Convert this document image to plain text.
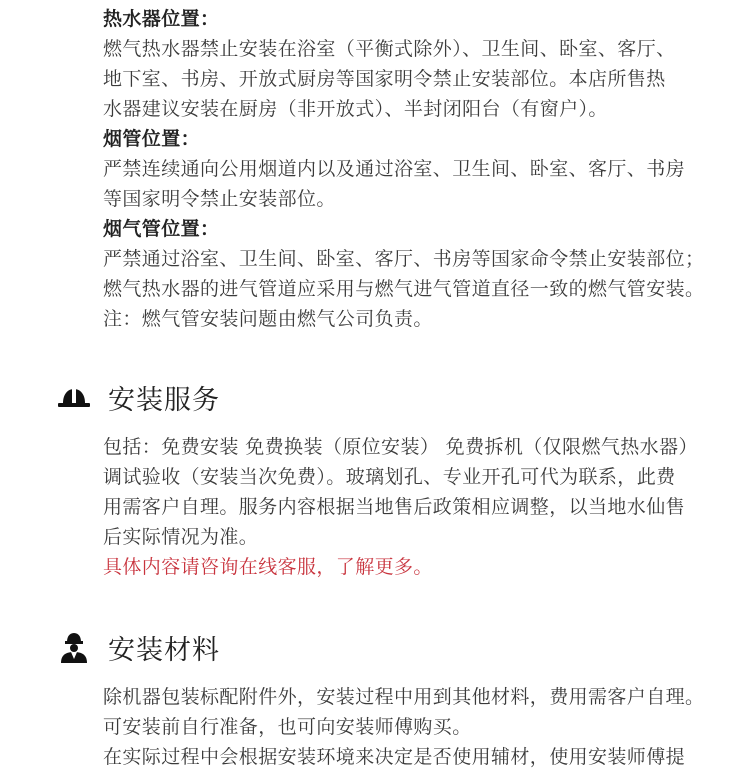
热水器位置：

燃气热水器禁止安装在浴室（平衡式除外）、卫生间、卧室、客厅、

地下室、书房、开放式厨房等国家明令禁止安装部位。本店所售热

水器建议安装在厨房（非开放式）、半封闭阳台（有窗户）。

烟管位置：

严禁连续通向公用烟道内以及通过浴室、卫生间、卧室、客厅、书房

等国家明令禁止安装部位。

烟气管位置：

严禁通过浴室、卫生间、卧室、客厅、书房等国家命令禁止安装部位；

燃气热水器的进气管道应采用与燃气进气管道直径一致的燃气管安装。

注：燃气管安装问题由燃气公司负责。

安装服务

包括：免费安装 免费换装（原位安装） 免费拆机（仅限燃气热水器）

调试验收（安装当次免费）。玻璃划孔、专业开孔可代为联系，此费

用需客户自理。服务内容根据当地售后政策相应调整，以当地水仙售

后实际情况为准。

具体内容请咨询在线客服，了解更多。

安装材料

除机器包装标配附件外，安装过程中用到其他材料，费用需客户自理。

可安装前自行准备，也可向安装师傅购买。

在实际过程中会根据安装环境来决定是否使用辅材，使用安装师傅提
